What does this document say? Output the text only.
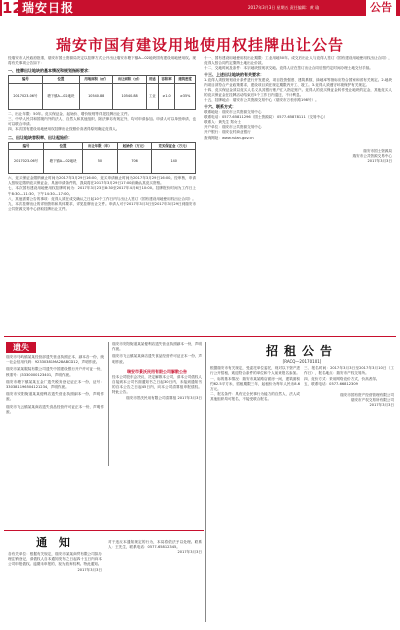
12 瑞安日报	2017年3月3日 星期五 责任编辑：黄 瑜	公告
瑞安市国有建设用地使用权挂牌出让公告
经瑞安市人民政府批准，瑞安市国土资源局决定以挂牌方式公开出让瑞安市塘下镇A—02地块国有建设用地使用权。现将有关事项公告如下：
一、挂牌出让地块的基本情况和规划指标要求：
编号	位置	用地面积（㎡）	出让面积（㎡）	用途	容积率	建筑密度
2017023-06号	塘下镇A—02地块	10540.88	10540.88	工业	≥1.0	≥35%
二、出让年限：50年。竞买保证金、起始价、增价规则等详见挂牌出让文件。
三、中华人民共和国境内外的法人、自然人和其他组织，除法律另有规定外，均可申请参加。申请人可以单独申请，也可以联合申请。
四、本次国有建设用地使用权挂牌出让按照价高者得原则确定竞得人。
二、出让地块容积率、出让起始价：
编号	位置	出让年限（年）	起始价（万元）	竞买保证金（万元）
2017023-06号	塘下镇A—02地块	50	706	140
六、竞买保证金缴纳截止时间为2017年3月29日16:00，竞买申请截止时间为2017年3月29日16:00。经审核，申请人按规定缴纳竞买保证金，具备申请条件的，我局将在2017年3月29日17:00前确认其竞买资格。
七、本次国有建设用地使用权挂牌时间为：2017年3月23日8:30至2017年4月6日10:00。挂牌报价时间为工作日上午8:30—11:30，下午14:30—17:00。
八、其他需要公告的事项：竞得人须在成交确认之日起10个工作日内与出让人签订《国有建设用地使用权出让合同》。
九、本次挂牌出让的详细资料和具体要求，详见挂牌出让文件。申请人可于2017年3月3日至2017年3月29日到瑞安市公共资源交易中心获取挂牌出让文件。
十一、国有建设用地使用权出让期限：工业用地50年。成交后出让人与竞得人签订《国有建设用地使用权出让合同》，竞得人按合同约定缴纳土地出让价款。
十二、交地时间及条件：本宗地块按现状交地。竞得人应在签订出让合同后按约定时间办理土地交付手续。
十三、上述出让地块的有关要求：
1.竞得人须按规划设计条件进行开发建设，项目投资强度、建筑系数、绿地率等指标应符合国家和省有关规定。2.地块内项目须符合产业政策要求，建设项目须在规定期限内开工、竣工。3.竞得人须遵守环境保护有关规定。
十四、竞买保证金须以竞买人名义从其银行账户汇入指定账户。竞得人的竞买保证金转作受让地块的定金，其他竞买人的竞买保证金在挂牌活动结束后5个工作日内退还，不计利息。
十五、挂牌地点：瑞安市公共资源交易中心（瑞安市万松东路198号）。
十六、联系方式：
联系地址：瑞安市公共资源交易中心
联系电话：0577-65811296（国土资源局） 0577-65878111（交易中心）
联系人：黄先生 郑女士
开户单位：瑞安市公共资源交易中心
开户银行：瑞安农村商业银行
查询网址：www.ruian.gov.cn
瑞安市国土资源局
瑞安市公共资源交易中心
2017年3月3日
遗失
瑞安市马屿镇某某经营部遗失营业执照正本、副本各一份，统一社会信用代码：92330381MA28ABCD12，声明作废。
瑞安市某某服装有限公司遗失中国建设银行开户许可证一份，核准号：J3330000123401，声明作废。
瑞安市塘下镇某某五金厂遗失税务登记证正本一份，证号：330381196504121234，声明作废。
瑞安市安阳街道某某便利店遗失营业执照副本一份，声明作废。
瑞安市飞云镇某某商店遗失食品经营许可证正本一份，声明作废。
瑞安市安阳街道某某便利店遗失营业执照副本一份，声明作废。
瑞安市飞云镇某某商店遗失食品经营许可证正本一份，声明作废。
瑞安市景沃民用有限公司解散公告
经本公司股东会决议，决定解散本公司，请本公司债权人自接到本公司书面通知书之日起30日内，未接到通知书的自本公告之日起45日内，向本公司清算组申报债权。特此公告。
瑞安市景沃民用有限公司清算组 2017年3月3日
招租公告
[RACQ—20170101]
根据瑞安市有关规定，受委托单位委托，现对以下资产进行公开招租，欢迎符合条件的单位和个人前来报名参加。
一、标的基本情况：瑞安市某某路店面房一间，建筑面积约62.5平方米，招租期限三年，起租价为每年人民币8.6万元。
二、报名条件：具有完全民事行为能力的自然人、法人或其他组织均可报名，不接受联合报名。
三、报名时间：2017年3月3日至2017年3月10日（工作日），报名地点：瑞安市产权交易所。
四、竞价方式：采用网络竞价方式，价高者得。
五、联系电话：0577-66812309
瑞安市国有资产经营管理有限公司
瑞安市产权交易所有限公司
2017年3月3日
通 知
各有关单位：根据有关规定，瑞安市某某商贸有限公司拟办理注销登记，请债权人自本通知发布之日起四十五日内向本公司申报债权。逾期未申报的，视为放弃权利。特此通知。
2017年3月3日
对于违反本通知规定的行为，本局将依法予以处理。联系人：王先生，联系电话：0577-65812345。
2017年3月3日
